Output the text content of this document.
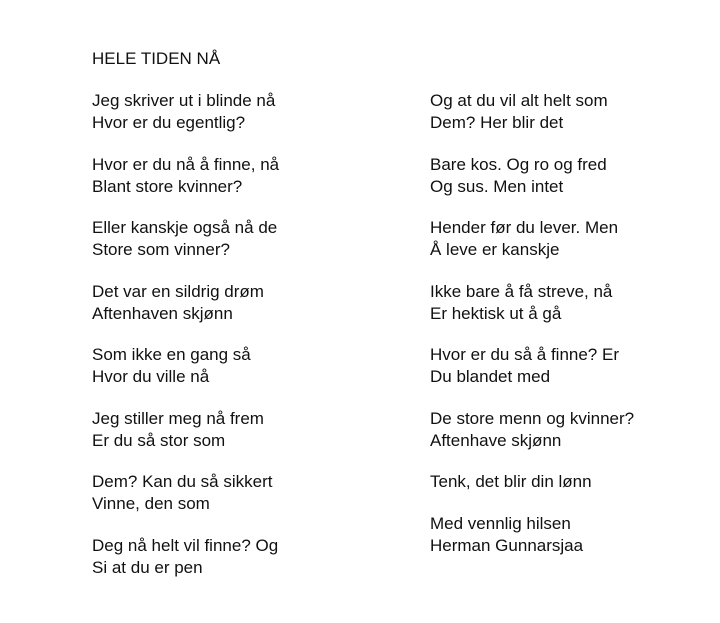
HELE TIDEN NÅ
Jeg skriver ut i blinde nå
Hvor er du egentlig?
Hvor er du nå å finne, nå
Blant store kvinner?
Eller kanskje også nå de
Store som vinner?
Det var en sildrig drøm
Aftenhaven skjønn
Som ikke en gang så
Hvor du ville nå
Jeg stiller meg nå frem
Er du så stor som
Dem? Kan du så sikkert
Vinne, den som
Deg nå helt vil finne? Og
Si at du er pen
Og at du vil alt helt som
Dem? Her blir det
Bare kos. Og ro og fred
Og sus. Men intet
Hender før du lever. Men
Å leve er kanskje
Ikke bare å få streve, nå
Er hektisk ut å gå
Hvor er du så å finne? Er
Du blandet med
De store menn og kvinner?
Aftenhave skjønn
Tenk, det blir din lønn
Med vennlig hilsen
Herman Gunnarsjaa
